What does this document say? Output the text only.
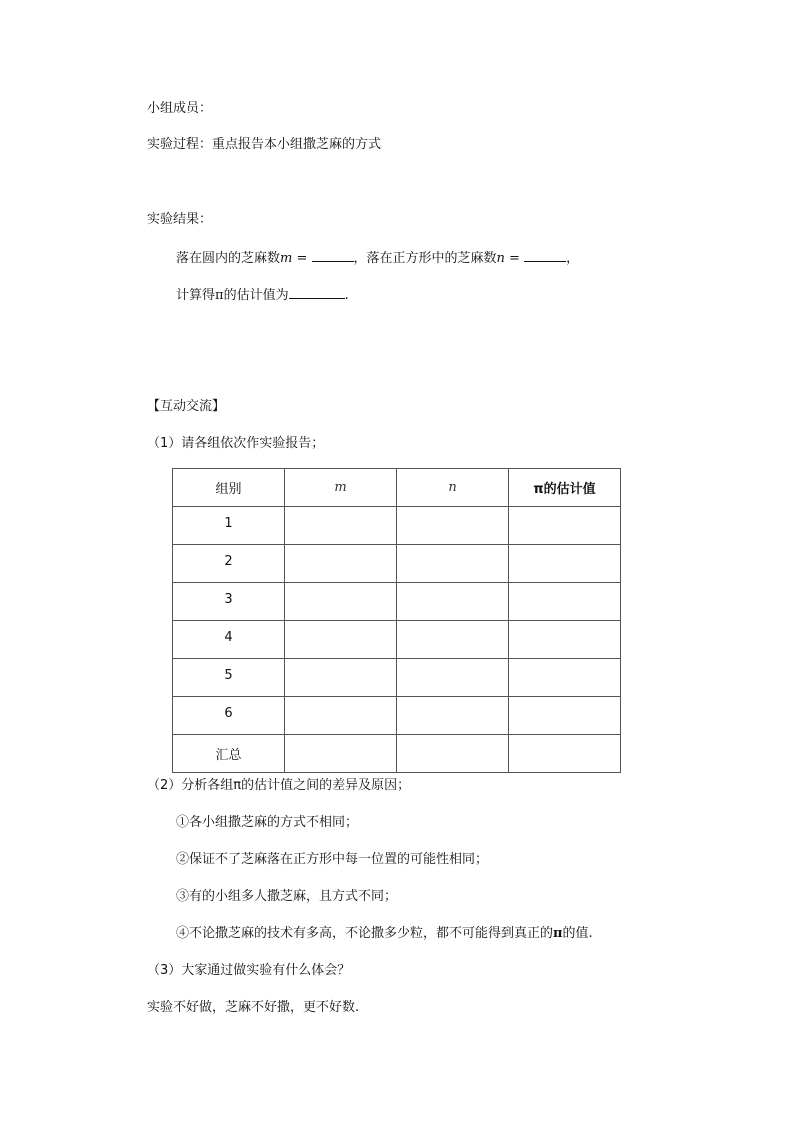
小组成员：
实验过程：重点报告本小组撒芝麻的方式
实验结果：
落在圆内的芝麻数m =	，落在正方形中的芝麻数n =	，
计算得π的估计值为	.
【互动交流】
（1）请各组依次作实验报告；
组别	m	n	π的估计值
1			
2			
3			
4			
5			
6			
汇总			
（2）分析各组π的估计值之间的差异及原因；
①各小组撒芝麻的方式不相同；
②保证不了芝麻落在正方形中每一位置的可能性相同；
③有的小组多人撒芝麻，且方式不同；
④不论撒芝麻的技术有多高，不论撒多少粒，都不可能得到真正的π的值.
（3）大家通过做实验有什么体会？
实验不好做，芝麻不好撒，更不好数.
